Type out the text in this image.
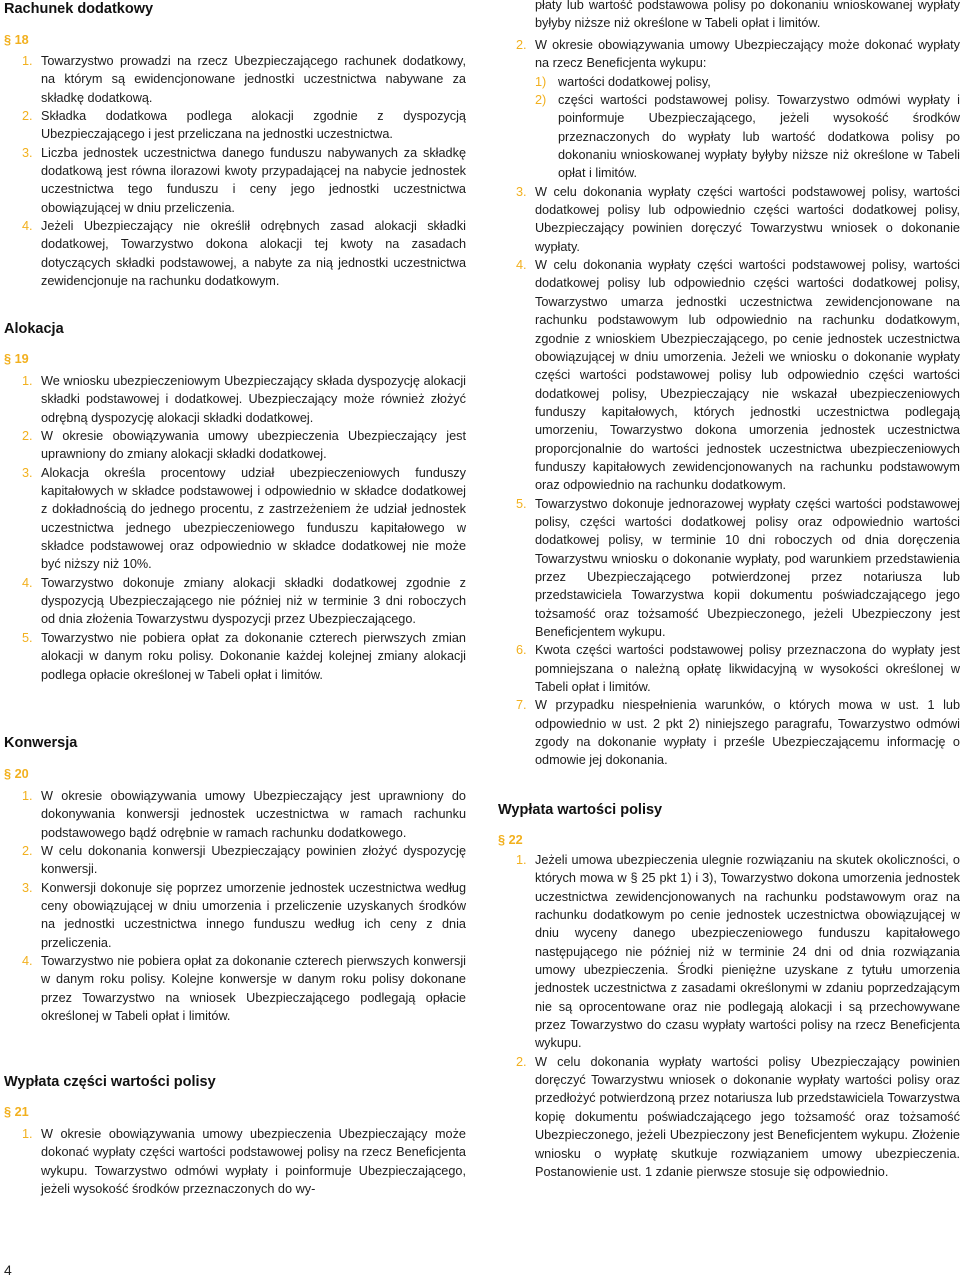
Rachunek dodatkowy
§ 18
1. Towarzystwo prowadzi na rzecz Ubezpieczającego rachunek dodatkowy, na którym są ewidencjonowane jednostki uczestnictwa nabywane za składkę dodatkową.
2. Składka dodatkowa podlega alokacji zgodnie z dyspozycją Ubezpieczającego i jest przeliczana na jednostki uczestnictwa.
3. Liczba jednostek uczestnictwa danego funduszu nabywanych za składkę dodatkową jest równa ilorazowi kwoty przypadającej na nabycie jednostek uczestnictwa tego funduszu i ceny jego jednostki uczestnictwa obowiązującej w dniu przeliczenia.
4. Jeżeli Ubezpieczający nie określił odrębnych zasad alokacji składki dodatkowej, Towarzystwo dokona alokacji tej kwoty na zasadach dotyczących składki podstawowej, a nabyte za nią jednostki uczestnictwa zewidencjonuje na rachunku dodatkowym.
Alokacja
§ 19
1. We wniosku ubezpieczeniowym Ubezpieczający składa dyspozycję alokacji składki podstawowej i dodatkowej. Ubezpieczający może również złożyć odrębną dyspozycję alokacji składki dodatkowej.
2. W okresie obowiązywania umowy ubezpieczenia Ubezpieczający jest uprawniony do zmiany alokacji składki dodatkowej.
3. Alokacja określa procentowy udział ubezpieczeniowych funduszy kapitałowych w składce podstawowej i odpowiednio w składce dodatkowej z dokładnością do jednego procentu, z zastrzeżeniem że udział jednostek uczestnictwa jednego ubezpieczeniowego funduszu kapitałowego w składce podstawowej oraz odpowiednio w składce dodatkowej nie może być niższy niż 10%.
4. Towarzystwo dokonuje zmiany alokacji składki dodatkowej zgodnie z dyspozycją Ubezpieczającego nie później niż w terminie 3 dni roboczych od dnia złożenia Towarzystwu dyspozycji przez Ubezpieczającego.
5. Towarzystwo nie pobiera opłat za dokonanie czterech pierwszych zmian alokacji w danym roku polisy. Dokonanie każdej kolejnej zmiany alokacji podlega opłacie określonej w Tabeli opłat i limitów.
Konwersja
§ 20
1. W okresie obowiązywania umowy Ubezpieczający jest uprawniony do dokonywania konwersji jednostek uczestnictwa w ramach rachunku podstawowego bądź odrębnie w ramach rachunku dodatkowego.
2. W celu dokonania konwersji Ubezpieczający powinien złożyć dyspozycję konwersji.
3. Konwersji dokonuje się poprzez umorzenie jednostek uczestnictwa według ceny obowiązującej w dniu umorzenia i przeliczenie uzyskanych środków na jednostki uczestnictwa innego funduszu według ich ceny z dnia przeliczenia.
4. Towarzystwo nie pobiera opłat za dokonanie czterech pierwszych konwersji w danym roku polisy. Kolejne konwersje w danym roku polisy dokonane przez Towarzystwo na wniosek Ubezpieczającego podlegają opłacie określonej w Tabeli opłat i limitów.
Wypłata części wartości polisy
§ 21
1. W okresie obowiązywania umowy ubezpieczenia Ubezpieczający może dokonać wypłaty części wartości podstawowej polisy na rzecz Beneficjenta wykupu. Towarzystwo odmówi wypłaty i poinformuje Ubezpieczającego, jeżeli wysokość środków przeznaczonych do wy-
płaty lub wartość podstawowa polisy po dokonaniu wnioskowanej wypłaty byłyby niższe niż określone w Tabeli opłat i limitów.
2. W okresie obowiązywania umowy Ubezpieczający może dokonać wypłaty na rzecz Beneficjenta wykupu:
1) wartości dodatkowej polisy,
2) części wartości podstawowej polisy. Towarzystwo odmówi wypłaty i poinformuje Ubezpieczającego, jeżeli wysokość środków przeznaczonych do wypłaty lub wartość dodatkowa polisy po dokonaniu wnioskowanej wypłaty byłyby niższe niż określone w Tabeli opłat i limitów.
3. W celu dokonania wypłaty części wartości podstawowej polisy, wartości dodatkowej polisy lub odpowiednio części wartości dodatkowej polisy, Ubezpieczający powinien doręczyć Towarzystwu wniosek o dokonanie wypłaty.
4. W celu dokonania wypłaty części wartości podstawowej polisy, wartości dodatkowej polisy lub odpowiednio części wartości dodatkowej polisy, Towarzystwo umarza jednostki uczestnictwa zewidencjonowane na rachunku podstawowym lub odpowiednio na rachunku dodatkowym, zgodnie z wnioskiem Ubezpieczającego, po cenie jednostek uczestnictwa obowiązującej w dniu umorzenia. Jeżeli we wniosku o dokonanie wypłaty części wartości podstawowej polisy lub odpowiednio części wartości dodatkowej polisy, Ubezpieczający nie wskazał ubezpieczeniowych funduszy kapitałowych, których jednostki uczestnictwa podlegają umorzeniu, Towarzystwo dokona umorzenia jednostek uczestnictwa proporcjonalnie do wartości jednostek uczestnictwa ubezpieczeniowych funduszy kapitałowych zewidencjonowanych na rachunku podstawowym oraz odpowiednio na rachunku dodatkowym.
5. Towarzystwo dokonuje jednorazowej wypłaty części wartości podstawowej polisy, części wartości dodatkowej polisy oraz odpowiednio wartości dodatkowej polisy, w terminie 10 dni roboczych od dnia doręczenia Towarzystwu wniosku o dokonanie wypłaty, pod warunkiem przedstawienia przez Ubezpieczającego potwierdzonej przez notariusza lub przedstawiciela Towarzystwa kopii dokumentu poświadczającego jego tożsamość oraz tożsamość Ubezpieczonego, jeżeli Ubezpieczony jest Beneficjentem wykupu.
6. Kwota części wartości podstawowej polisy przeznaczona do wypłaty jest pomniejszana o należną opłatę likwidacyjną w wysokości określonej w Tabeli opłat i limitów.
7. W przypadku niespełnienia warunków, o których mowa w ust. 1 lub odpowiednio w ust. 2 pkt 2) niniejszego paragrafu, Towarzystwo odmówi zgody na dokonanie wypłaty i prześle Ubezpieczającemu informację o odmowie jej dokonania.
Wypłata wartości polisy
§ 22
1. Jeżeli umowa ubezpieczenia ulegnie rozwiązaniu na skutek okoliczności, o których mowa w § 25 pkt 1) i 3), Towarzystwo dokona umorzenia jednostek uczestnictwa zewidencjonowanych na rachunku podstawowym oraz na rachunku dodatkowym po cenie jednostek uczestnictwa obowiązującej w dniu wyceny danego ubezpieczeniowego funduszu kapitałowego następującego nie później niż w terminie 24 dni od dnia rozwiązania umowy ubezpieczenia. Środki pieniężne uzyskane z tytułu umorzenia jednostek uczestnictwa z zasadami określonymi w zdaniu poprzedzającym nie są oprocentowane oraz nie podlegają alokacji i są przechowywane przez Towarzystwo do czasu wypłaty wartości polisy na rzecz Beneficjenta wykupu.
2. W celu dokonania wypłaty wartości polisy Ubezpieczający powinien doręczyć Towarzystwu wniosek o dokonanie wypłaty wartości polisy oraz przedłożyć potwierdzoną przez notariusza lub przedstawiciela Towarzystwa kopię dokumentu poświadczającego jego tożsamość oraz tożsamość Ubezpieczonego, jeżeli Ubezpieczony jest Beneficjentem wykupu. Złożenie wniosku o wypłatę skutkuje rozwiązaniem umowy ubezpieczenia. Postanowienie ust. 1 zdanie pierwsze stosuje się odpowiednio.
4
